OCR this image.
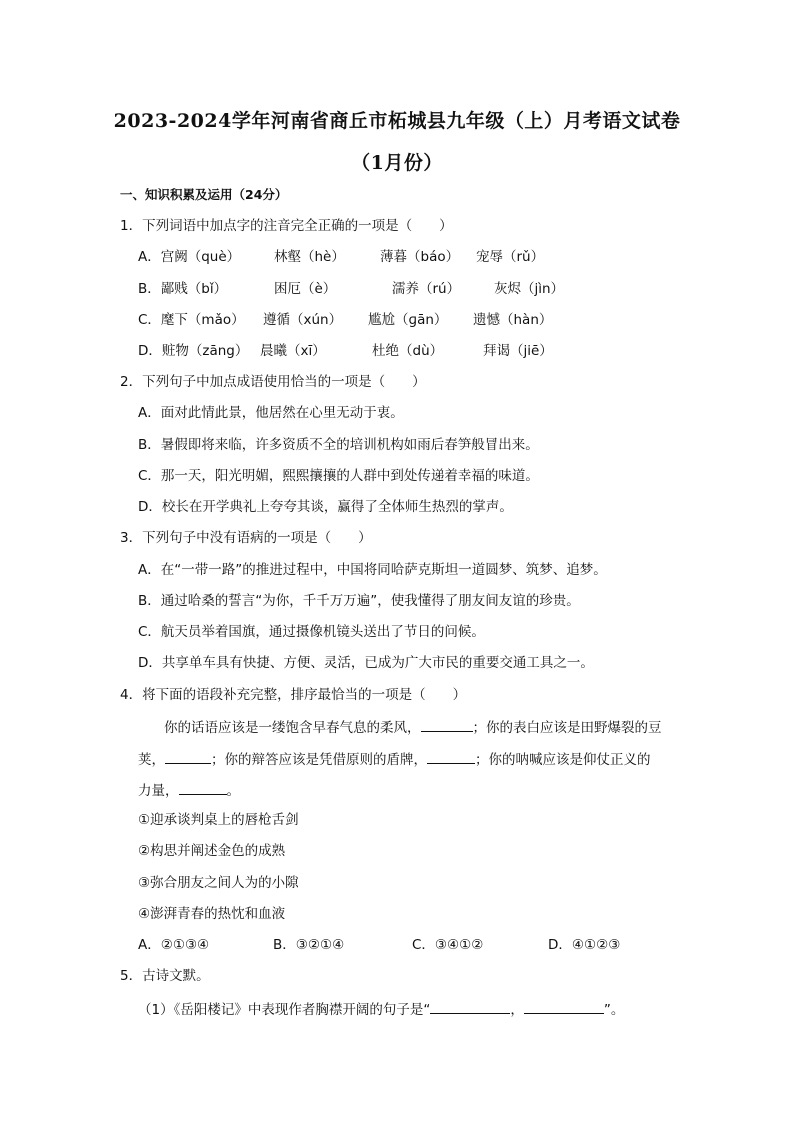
2023-2024学年河南省商丘市柘城县九年级（上）月考语文试卷
（1月份）
一、知识积累及运用（24分）
1．下列词语中加点字的注音完全正确的一项是（　　）
A．宫阙（què）	林壑（hè）	薄暮（báo） 宠辱（rǔ）
B．鄙贱（bǐ）	困厄（è）	濡养（rú）	灰烬（jìn）
C．麾下（mǎo） 遵循（xún） 尴尬（ɡān） 遗憾（hàn）
D．赃物（zāng） 晨曦（xī）	杜绝（dù）	拜谒（jiē）
2．下列句子中加点成语使用恰当的一项是（　　）
A．面对此情此景，他居然在心里无动于衷。
B．暑假即将来临，许多资质不全的培训机构如雨后春笋般冒出来。
C．那一天，阳光明媚，熙熙攘攘的人群中到处传递着幸福的味道。
D．校长在开学典礼上夸夸其谈，赢得了全体师生热烈的掌声。
3．下列句子中没有语病的一项是（　　）
A．在“一带一路”的推进过程中，中国将同哈萨克斯坦一道圆梦、筑梦、追梦。
B．通过哈桑的誓言“为你，千千万万遍”，使我懂得了朋友间友谊的珍贵。
C．航天员举着国旗，通过摄像机镜头送出了节日的问候。
D．共享单车具有快捷、方便、灵活，已成为广大市民的重要交通工具之一。
4．将下面的语段补充完整，排序最恰当的一项是（　　）
你的话语应该是一缕饱含早春气息的柔风，	；你的表白应该是田野爆裂的豆
荚，	；你的辩答应该是凭借原则的盾牌，	；你的呐喊应该是仰仗正义的
力量，	。
①迎承谈判桌上的唇枪舌剑
②构思并阐述金色的成熟
③弥合朋友之间人为的小隙
④澎湃青春的热忱和血液
A．②①③④	B．③②①④	C．③④①②	D．④①②③
5．古诗文默。
（1）《岳阳楼记》中表现作者胸襟开阔的句子是“	，	”。
